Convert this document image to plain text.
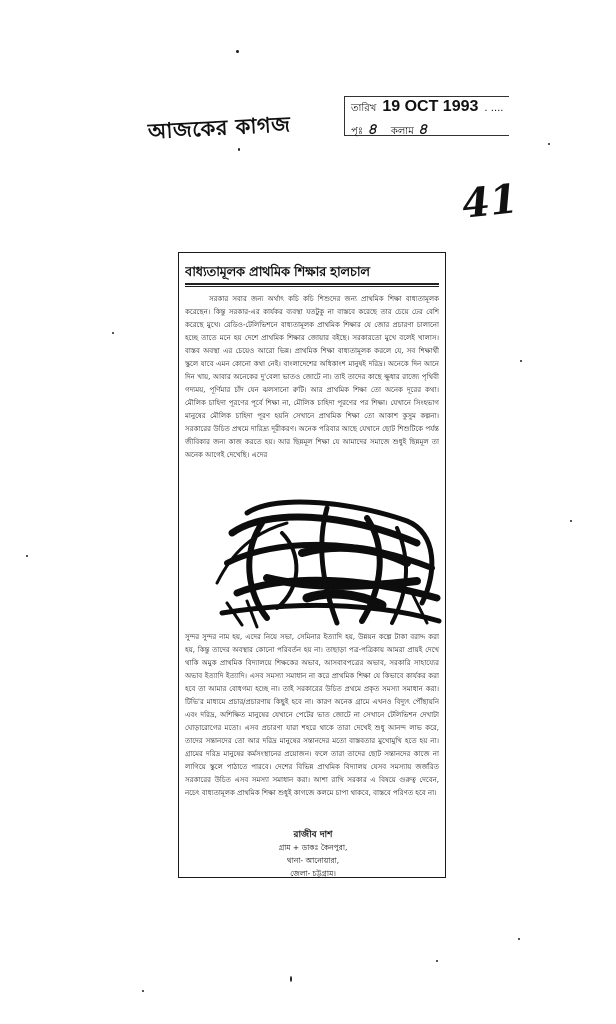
আজকের কাগজ
তারিখ 19 OCT 1993 . ....
পৃঃ ৪ কলাম ৪
41
বাধ্যতামূলক প্রাথমিক শিক্ষার হালচাল
সরকার সবার জন্য অর্থাৎ কচি কচি শিশুদের জন্য প্রাথমিক শিক্ষা বাধ্যতামূলক করেছেন। কিন্তু সরকার-এর কার্যকর ব্যবস্থা যতটুকু না বাস্তবে করেছে তার চেয়ে ঢের বেশি করেছে মুখে। রেডিও-টেলিভিশনে বাধ্যতামূলক প্রাথমিক শিক্ষার যে জোর প্রচারণা চালানো হচ্ছে তাতে মনে হয় দেশে প্রাথমিক শিক্ষার জোয়ার বইছে। সরকারতো মুখে বলেই খালাস। বাস্তব অবস্থা এর চেয়েও আরো ভিন্ন। প্রাথমিক শিক্ষা বাধ্যতামূলক করলে যে, সব শিক্ষার্থী স্কুলে যাবে এমন কোনো কথা নেই। বাংলাদেশের অধিকাংশ মানুষই দরিদ্র। অনেকে দিন আনে দিন খায়, আবার অনেকের দু'বেলা ভাতও জোটে না। তাই তাদের কাছে ক্ষুধার রাজ্যে পৃথিবী গদ্যময়, পূর্ণিমার চাঁদ যেন ঝলসানো রুটি। আর প্রাথমিক শিক্ষা তো অনেক দূরের কথা। মৌলিক চাহিদা পূরণের পূর্বে শিক্ষা না, মৌলিক চাহিদা পূরণের পর শিক্ষা। যেখানে সিংহভাগ মানুষের মৌলিক চাহিদা পূরণ হয়নি সেখানে প্রাথমিক শিক্ষা তো আকাশ কুসুম কল্পনা। সরকারের উচিত প্রথমে দারিদ্র্য দূরীকরণ। অনেক পরিবার আছে যেখানে ছোট শিশুটিকে পর্যন্ত জীবিকার জন্য কাজ করতে হয়। আর ছিন্নমূল শিক্ষা যে আমাদের সমাজে শুধুই ছিন্নমূল তা অনেক আগেই দেখেছি। এদের
সুন্দর সুন্দর নাম হয়, এদের নিয়ে সভা, সেমিনার ইত্যাদি হয়, উন্নয়ন কল্পে টাকা বরাদ্দ করা হয়, কিন্তু তাদের অবস্থার কোনো পরিবর্তন হয় না। তাছাড়া পত্র-পত্রিকায় আমরা প্রায়ই দেখে থাকি অমুক প্রাথমিক বিদ্যালয়ে শিক্ষকের অভাব, আসবাবপত্রের অভাব, সরকারি সাহায্যের অভাব ইত্যাদি ইত্যাদি। এসব সমস্যা সমাধান না করে প্রাথমিক শিক্ষা যে কিভাবে কার্যকর করা হবে তা আমার বোধগম্য হচ্ছে না। তাই সরকারের উচিত প্রথমে প্রকৃত সমস্যা সমাধান করা। টিভি'র মাধ্যমে প্রচার/প্রচারণায় কিছুই হবে না। কারণ অনেক গ্রামে এখনও বিদ্যুৎ পৌঁছায়নি এবং দরিদ্র, অশিক্ষিত মানুষের যেখানে পেটের ভাত জোটে না সেখানে টেলিভিশন দেখাটা ঘোড়ারোগের মতো। এসব প্রচারণা যারা শহরে থাকে তারা দেখেই শুধু আনন্দ লাভ করে, তাদের সন্তানদের তো আর দরিদ্র মানুষের সন্তানদের মতো বাস্তবতার মুখোমুখি হতে হয় না। গ্রামের দরিদ্র মানুষের কর্মসংস্থানের প্রয়োজন। ফলে তারা তাদের ছোট সন্তানদের কাজে না লাগিয়ে স্কুলে পাঠাতে পারবে। দেশের বিভিন্ন প্রাথমিক বিদ্যালয় যেসব সমস্যায় জর্জরিত সরকারের উচিত এসব সমস্যা সমাধান করা। আশা রাখি সরকার এ বিষয়ে গুরুত্ব দেবেন, নচেৎ বাধ্যতামূলক প্রাথমিক শিক্ষা শুধুই কাগজে কলমে চাপা থাকবে, বাস্তবে পরিণত হবে না।
রাজীব দাশ
গ্রাম + ডাকঃ কৈনপুরা,
থানা- আনোয়ারা,
জেলা- চট্টগ্রাম।
